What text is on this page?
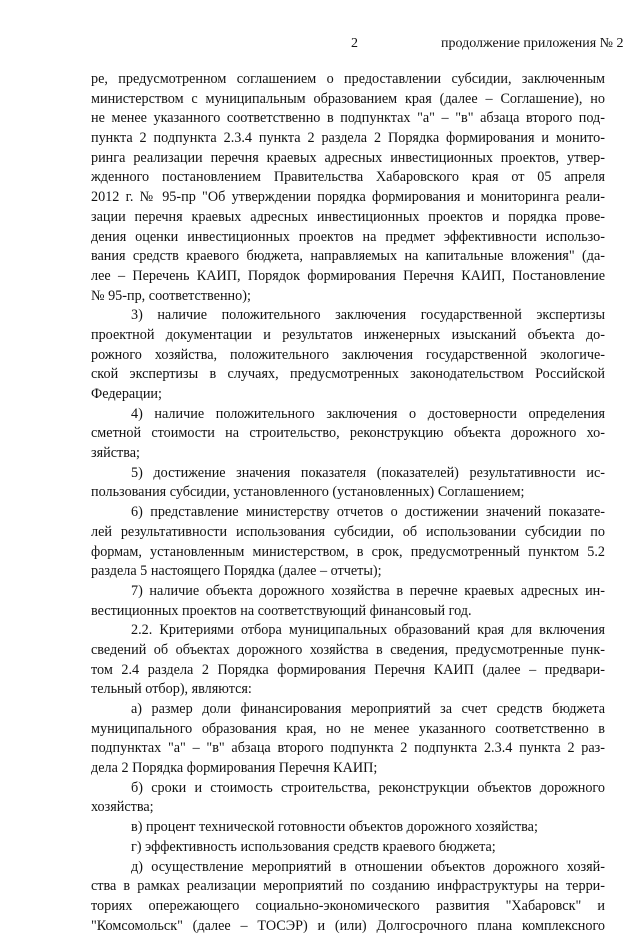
2	продолжение приложения № 2
ре, предусмотренном соглашением о предоставлении субсидии, заключенным
министерством с муниципальным образованием края (далее – Соглашение), но
не менее указанного соответственно в подпунктах "а" – "в" абзаца второго под-
пункта 2 подпункта 2.3.4 пункта 2 раздела 2 Порядка формирования и монито-
ринга реализации перечня краевых адресных инвестиционных проектов, утвер-
жденного постановлением Правительства Хабаровского края от 05 апреля
2012 г. № 95-пр "Об утверждении порядка формирования и мониторинга реали-
зации перечня краевых адресных инвестиционных проектов и порядка прове-
дения оценки инвестиционных проектов на предмет эффективности использо-
вания средств краевого бюджета, направляемых на капитальные вложения" (да-
лее – Перечень КАИП, Порядок формирования Перечня КАИП, Постановление
№ 95-пр, соответственно);
3) наличие положительного заключения государственной экспертизы
проектной документации и результатов инженерных изысканий объекта до-
рожного хозяйства, положительного заключения государственной экологиче-
ской экспертизы в случаях, предусмотренных законодательством Российской
Федерации;
4) наличие положительного заключения о достоверности определения
сметной стоимости на строительство, реконструкцию объекта дорожного хо-
зяйства;
5) достижение значения показателя (показателей) результативности ис-
пользования субсидии, установленного (установленных) Соглашением;
6) представление министерству отчетов о достижении значений показате-
лей результативности использования субсидии, об использовании субсидии по
формам, установленным министерством, в срок, предусмотренный пунктом 5.2
раздела 5 настоящего Порядка (далее – отчеты);
7) наличие объекта дорожного хозяйства в перечне краевых адресных ин-
вестиционных проектов на соответствующий финансовый год.
2.2. Критериями отбора муниципальных образований края для включения
сведений об объектах дорожного хозяйства в сведения, предусмотренные пунк-
том 2.4 раздела 2 Порядка формирования Перечня КАИП (далее – предвари-
тельный отбор), являются:
а) размер доли финансирования мероприятий за счет средств бюджета
муниципального образования края, но не менее указанного соответственно в
подпунктах "а" – "в" абзаца второго подпункта 2 подпункта 2.3.4 пункта 2 раз-
дела 2 Порядка формирования Перечня КАИП;
б) сроки и стоимость строительства, реконструкции объектов дорожного
хозяйства;
в) процент технической готовности объектов дорожного хозяйства;
г) эффективность использования средств краевого бюджета;
д) осуществление мероприятий в отношении объектов дорожного хозяй-
ства в рамках реализации мероприятий по созданию инфраструктуры на терри-
ториях опережающего социально-экономического развития "Хабаровск" и
"Комсомольск" (далее – ТОСЭР) и (или) Долгосрочного плана комплексного
